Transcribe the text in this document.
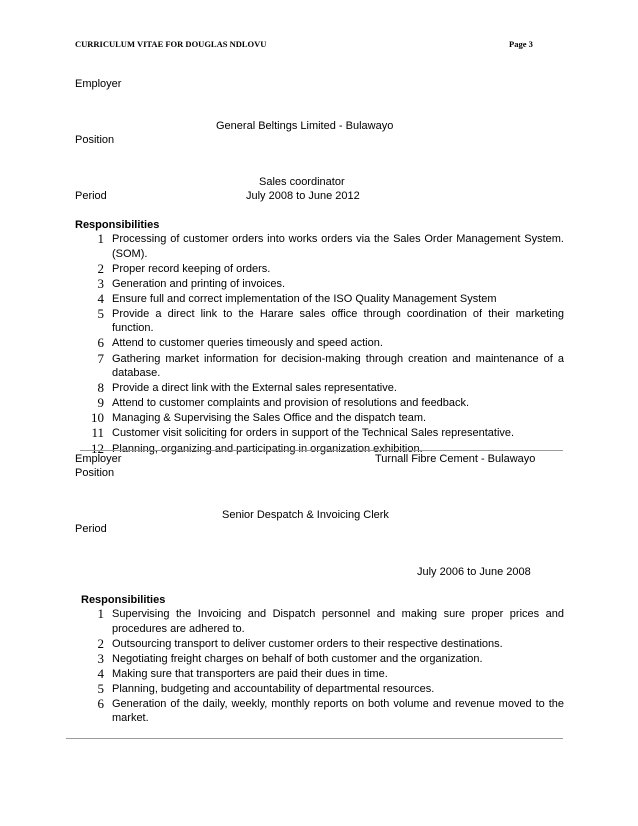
CURRICULUM VITAE FOR DOUGLAS NDLOVU	Page 3
Employer
General Beltings Limited - Bulawayo
Position
Sales coordinator
Period	July 2008 to June 2012
Responsibilities
1 Processing of customer orders into works orders via the Sales Order Management System. (SOM).
2 Proper record keeping of orders.
3 Generation and printing of invoices.
4 Ensure full and correct implementation of the ISO Quality Management System
5 Provide a direct link to the Harare sales office through coordination of their marketing function.
6 Attend to customer queries timeously and speed action.
7 Gathering market information for decision-making through creation and maintenance of a database.
8 Provide a direct link with the External sales representative.
9 Attend to customer complaints and provision of resolutions and feedback.
10 Managing & Supervising the Sales Office and the dispatch team.
11 Customer visit soliciting for orders in support of the Technical Sales representative.
12 Planning, organizing and participating in organization exhibition.
Employer	Turnall Fibre Cement - Bulawayo
Position
Senior Despatch & Invoicing Clerk
Period
July 2006 to June 2008
Responsibilities
1 Supervising the Invoicing and Dispatch personnel and making sure proper prices and procedures are adhered to.
2 Outsourcing transport to deliver customer orders to their respective destinations.
3 Negotiating freight charges on behalf of both customer and the organization.
4 Making sure that transporters are paid their dues in time.
5 Planning, budgeting and accountability of departmental resources.
6 Generation of the daily, weekly, monthly reports on both volume and revenue moved to the market.
